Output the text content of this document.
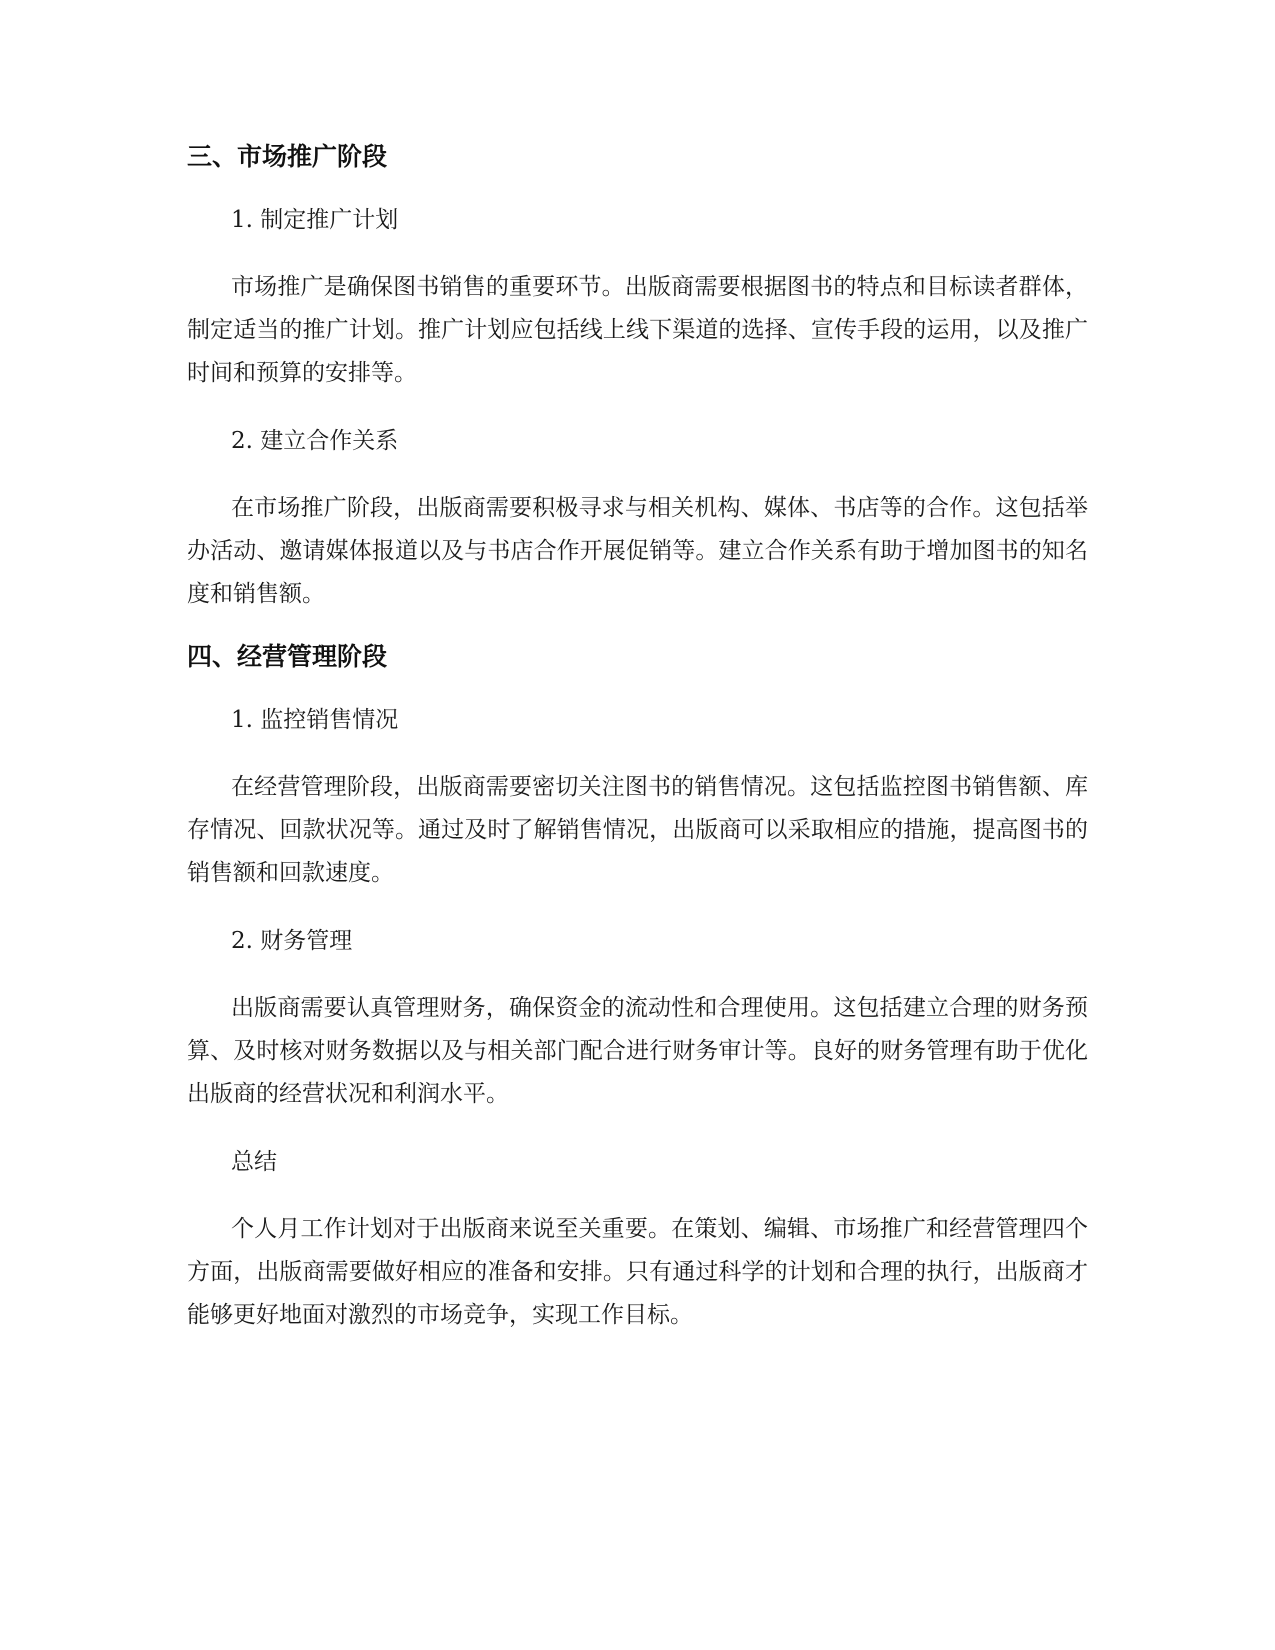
三、市场推广阶段

1. 制定推广计划

市场推广是确保图书销售的重要环节。出版商需要根据图书的特点和目标读者群体，制定适当的推广计划。推广计划应包括线上线下渠道的选择、宣传手段的运用，以及推广时间和预算的安排等。

2. 建立合作关系

在市场推广阶段，出版商需要积极寻求与相关机构、媒体、书店等的合作。这包括举办活动、邀请媒体报道以及与书店合作开展促销等。建立合作关系有助于增加图书的知名度和销售额。

四、经营管理阶段

1. 监控销售情况

在经营管理阶段，出版商需要密切关注图书的销售情况。这包括监控图书销售额、库存情况、回款状况等。通过及时了解销售情况，出版商可以采取相应的措施，提高图书的销售额和回款速度。

2. 财务管理

出版商需要认真管理财务，确保资金的流动性和合理使用。这包括建立合理的财务预算、及时核对财务数据以及与相关部门配合进行财务审计等。良好的财务管理有助于优化出版商的经营状况和利润水平。

总结

个人月工作计划对于出版商来说至关重要。在策划、编辑、市场推广和经营管理四个方面，出版商需要做好相应的准备和安排。只有通过科学的计划和合理的执行，出版商才能够更好地面对激烈的市场竞争，实现工作目标。
